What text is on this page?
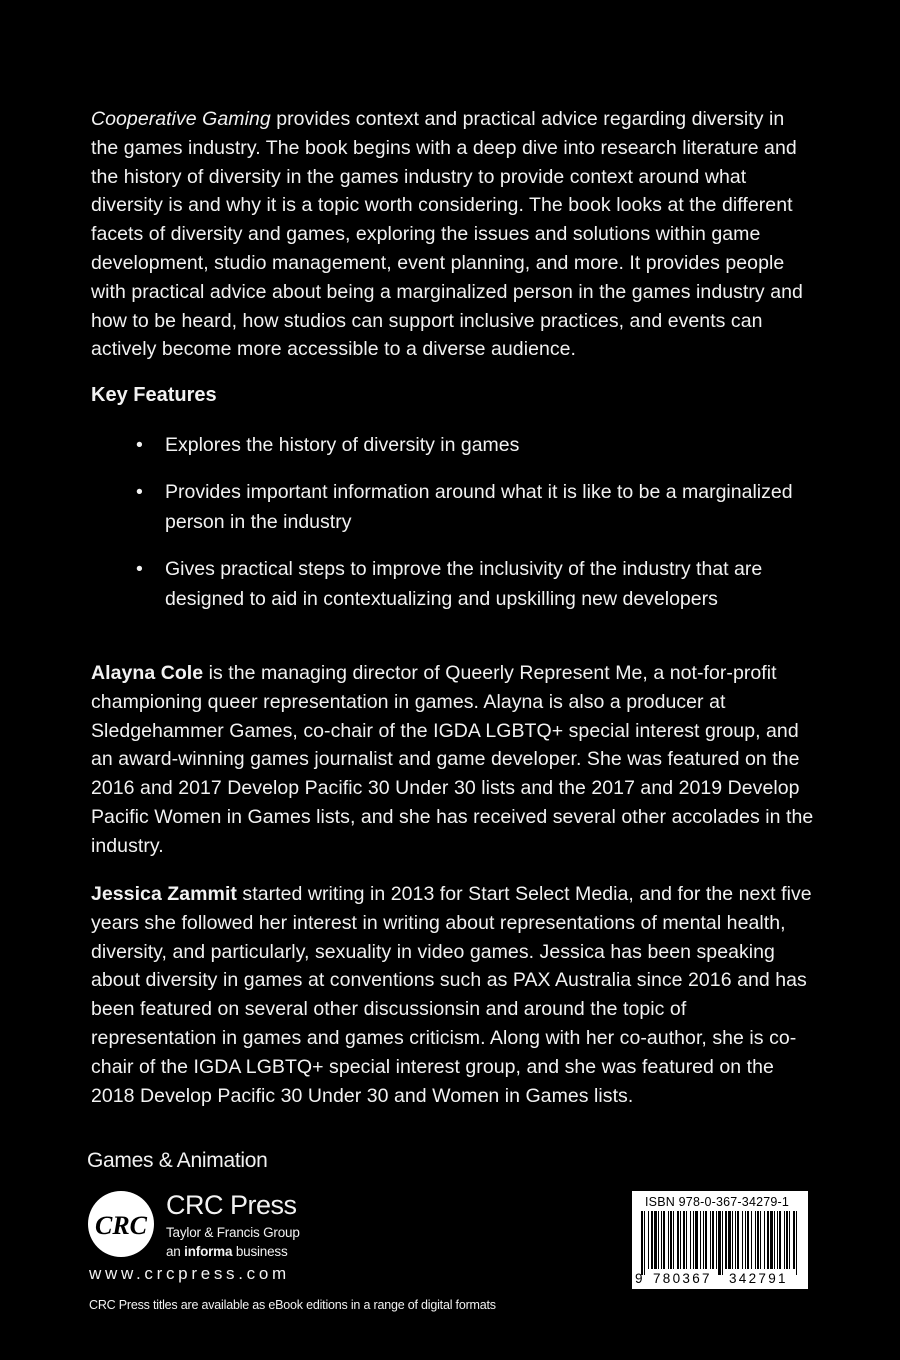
Cooperative Gaming provides context and practical advice regarding diversity in the games industry. The book begins with a deep dive into research literature and the history of diversity in the games industry to provide context around what diversity is and why it is a topic worth considering. The book looks at the different facets of diversity and games, exploring the issues and solutions within game development, studio management, event planning, and more. It provides people with practical advice about being a marginalized person in the games industry and how to be heard, how studios can support inclusive practices, and events can actively become more accessible to a diverse audience.
Key Features
• Explores the history of diversity in games
• Provides important information around what it is like to be a marginalized person in the industry
• Gives practical steps to improve the inclusivity of the industry that are designed to aid in contextualizing and upskilling new developers
Alayna Cole is the managing director of Queerly Represent Me, a not-for-profit championing queer representation in games. Alayna is also a producer at Sledgehammer Games, co-chair of the IGDA LGBTQ+ special interest group, and an award-winning games journalist and game developer. She was featured on the 2016 and 2017 Develop Pacific 30 Under 30 lists and the 2017 and 2019 Develop Pacific Women in Games lists, and she has received several other accolades in the industry.
Jessica Zammit started writing in 2013 for Start Select Media, and for the next five years she followed her interest in writing about representations of mental health, diversity, and particularly, sexuality in video games. Jessica has been speaking about diversity in games at conventions such as PAX Australia since 2016 and has been featured on several other discussionsin and around the topic of representation in games and games criticism. Along with her co-author, she is co-chair of the IGDA LGBTQ+ special interest group, and she was featured on the 2018 Develop Pacific 30 Under 30 and Women in Games lists.
Games & Animation
CRC
CRC Press
Taylor & Francis Group
an informa business
www.crcpress.com
CRC Press titles are available as eBook editions in a range of digital formats
ISBN 978-0-367-34279-1
9 780367 342791
